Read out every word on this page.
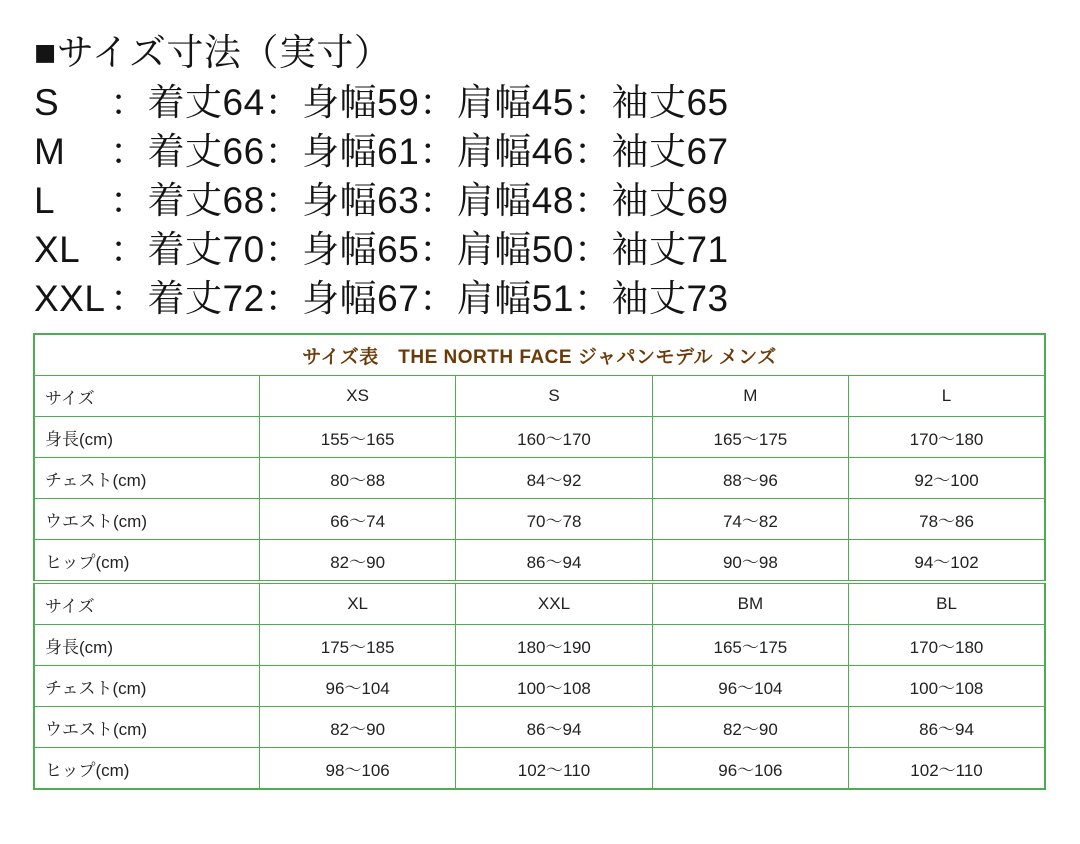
■サイズ寸法（実寸）
S ：着丈64：身幅59：肩幅45：袖丈65
M ：着丈66：身幅61：肩幅46：袖丈67
L ：着丈68：身幅63：肩幅48：袖丈69
XL ：着丈70：身幅65：肩幅50：袖丈71
XXL ：着丈72：身幅67：肩幅51：袖丈73
サイズ表　THE NORTH FACE ジャパンモデル メンズ				
サイズ	XS	S	M	L
身長(cm)	155～165	160～170	165～175	170～180
チェスト(cm)	80～88	84～92	88～96	92～100
ウエスト(cm)	66～74	70～78	74～82	78～86
ヒップ(cm)	82～90	86～94	90～98	94～102
サイズ	XL	XXL	BM	BL
身長(cm)	175～185	180～190	165～175	170～180
チェスト(cm)	96～104	100～108	96～104	100～108
ウエスト(cm)	82～90	86～94	82～90	86～94
ヒップ(cm)	98～106	102～110	96～106	102～110
